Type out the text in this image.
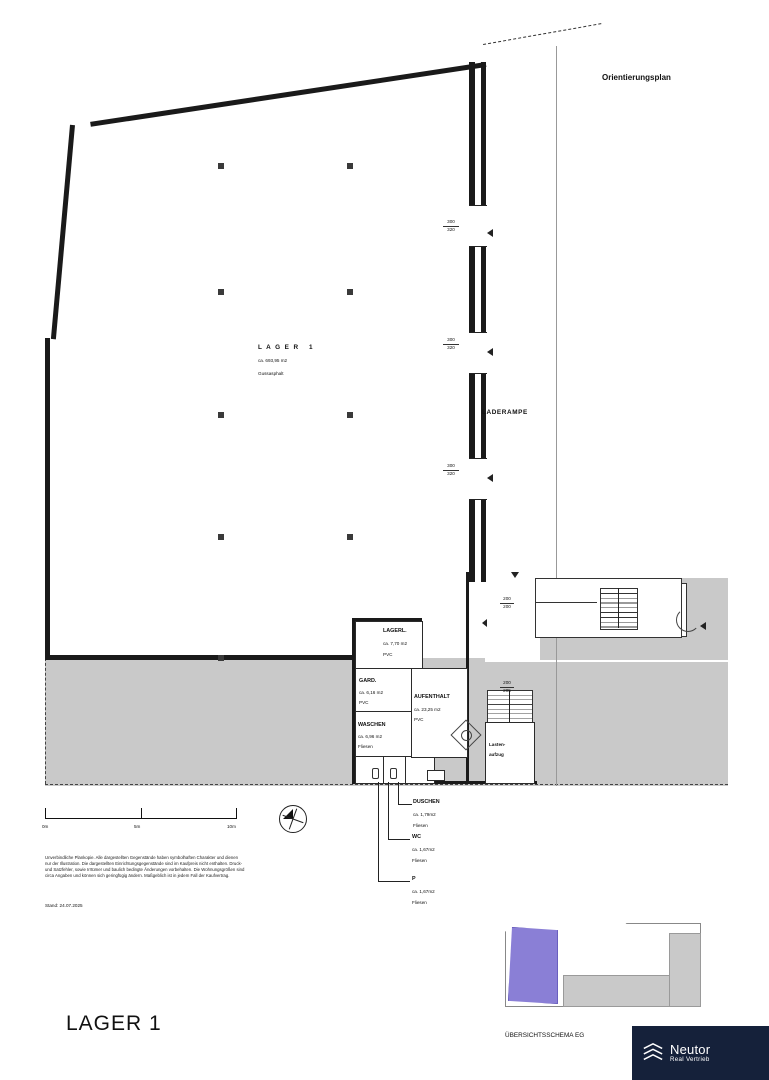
Orientierungsplan
300
320
300
320
300
320
L A G E R   1
ca. 693,95 m2
Gussasphalt
LADERAMPE
LAGERL.
ca. 7,70 m2
PVC
GARD.
ca. 6,16 m2
PVC
WASCHEN
ca. 6,96 m2
Fliesen
AUFENTHALT
ca. 23,25 m2
PVC
Lasten-
aufzug
200
200
200
205
DUSCHEN
ca. 1,79m2
Fliesen
WC
ca. 1,67m2
Fliesen
P
ca. 1,67m2
Fliesen
0m	5m	10m
Unverbindliche Plankopie. Alle dargestellten Gegenstände haben symbolhaften Charakter und dienen nur der Illustration. Die dargestellten Einrichtungsgegenstände sind im Kaufpreis nicht enthalten. Druck- und Satzfehler, sowie Irrtümer und baulich bedingte Änderungen vorbehalten. Die Wohnungsgrößen sind circa Angaben und können sich geringfügig ändern. Maßgeblich ist in jedem Fall der Kaufvertrag.
Stand: 24.07.2025
ÜBERSICHTSSCHEMA EG
LAGER 1
Neutor
Real Vertrieb
